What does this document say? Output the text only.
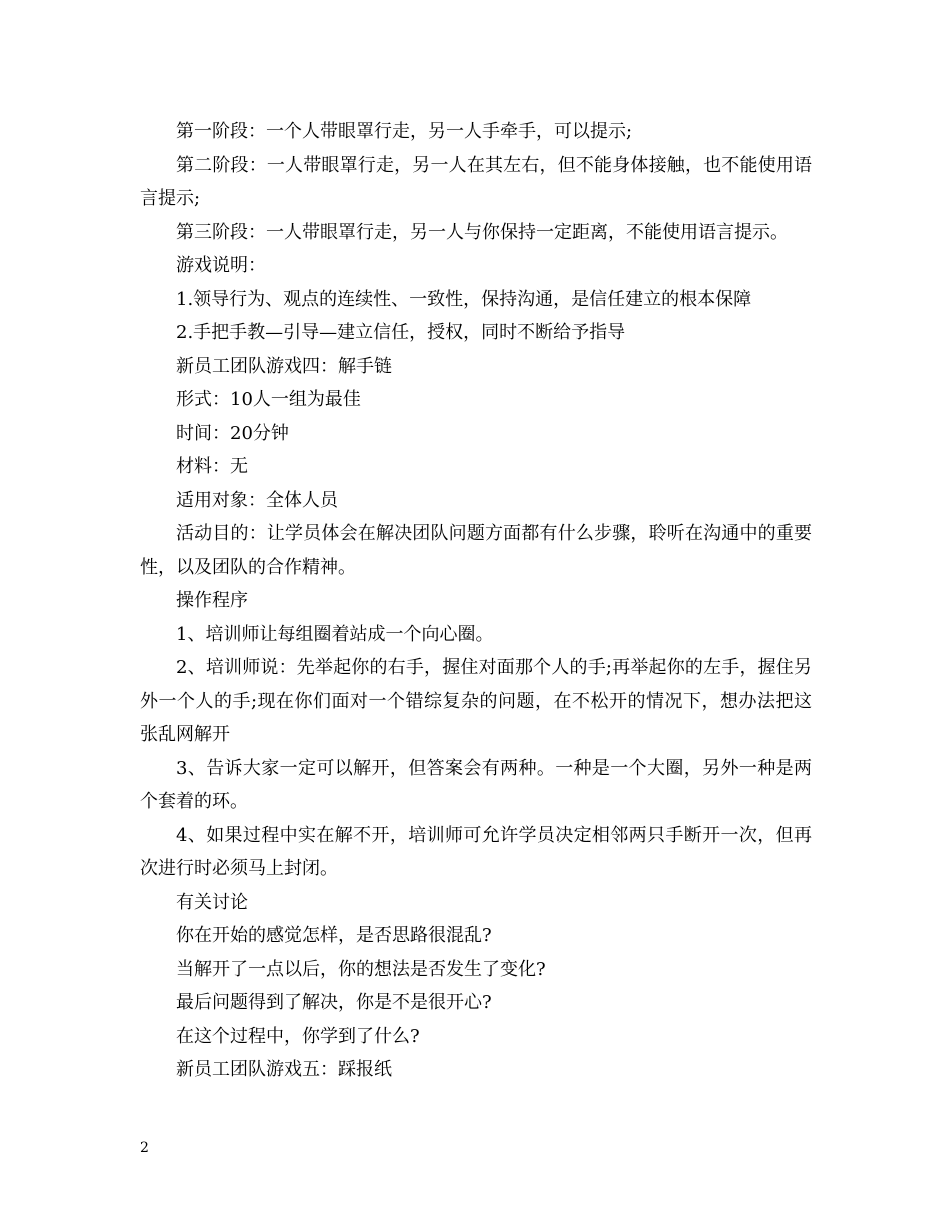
第一阶段：一个人带眼罩行走，另一人手牵手，可以提示;

第二阶段：一人带眼罩行走，另一人在其左右，但不能身体接触，也不能使用语言提示;

第三阶段：一人带眼罩行走，另一人与你保持一定距离，不能使用语言提示。

游戏说明：

1.领导行为、观点的连续性、一致性，保持沟通，是信任建立的根本保障

2.手把手教—引导—建立信任，授权，同时不断给予指导

新员工团队游戏四：解手链

形式：10人一组为最佳

时间：20分钟

材料：无

适用对象：全体人员

活动目的：让学员体会在解决团队问题方面都有什么步骤，聆听在沟通中的重要性，以及团队的合作精神。

操作程序

1、培训师让每组圈着站成一个向心圈。

2、培训师说：先举起你的右手，握住对面那个人的手;再举起你的左手，握住另外一个人的手;现在你们面对一个错综复杂的问题，在不松开的情况下，想办法把这张乱网解开

3、告诉大家一定可以解开，但答案会有两种。一种是一个大圈，另外一种是两个套着的环。

4、如果过程中实在解不开，培训师可允许学员决定相邻两只手断开一次，但再次进行时必须马上封闭。

有关讨论

你在开始的感觉怎样，是否思路很混乱?

当解开了一点以后，你的想法是否发生了变化?

最后问题得到了解决，你是不是很开心?

在这个过程中，你学到了什么?

新员工团队游戏五：踩报纸

2
